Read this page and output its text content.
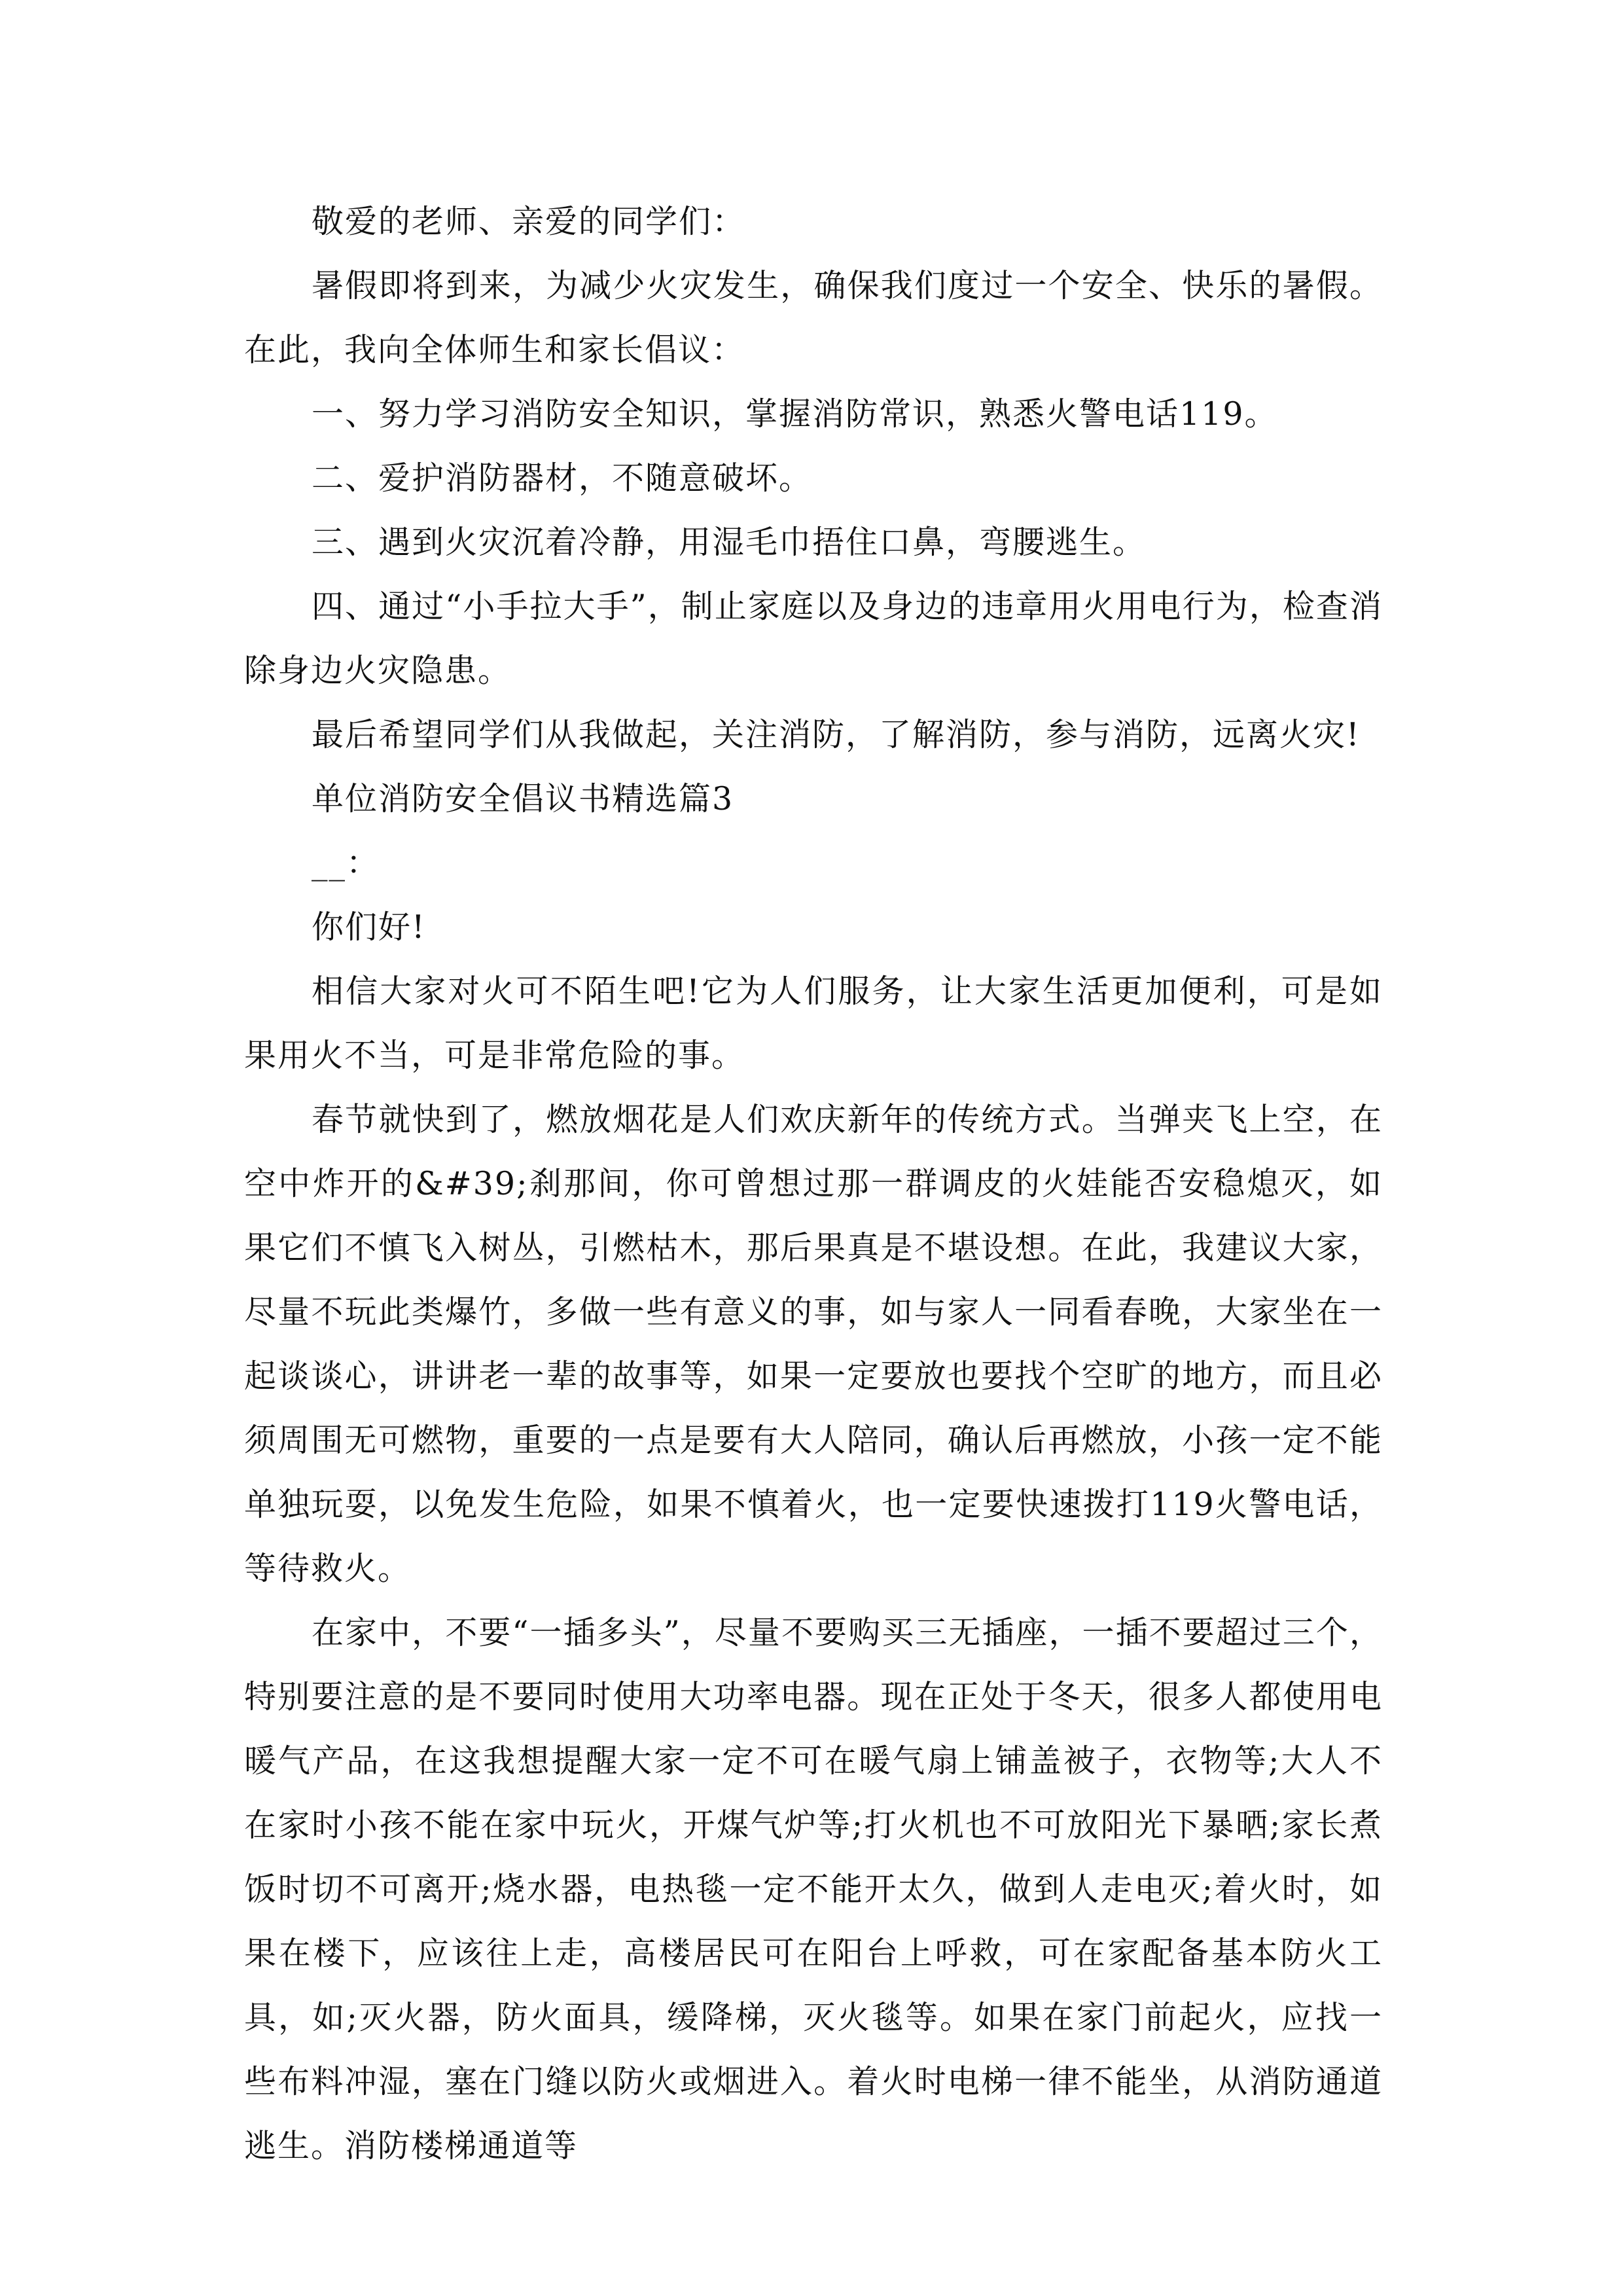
敬爱的老师、亲爱的同学们：

暑假即将到来，为减少火灾发生，确保我们度过一个安全、快乐的暑假。在此，我向全体师生和家长倡议：

一、努力学习消防安全知识，掌握消防常识，熟悉火警电话119。

二、爱护消防器材，不随意破坏。

三、遇到火灾沉着冷静，用湿毛巾捂住口鼻，弯腰逃生。

四、通过“小手拉大手”，制止家庭以及身边的违章用火用电行为，检查消除身边火灾隐患。

最后希望同学们从我做起，关注消防，了解消防，参与消防，远离火灾!

单位消防安全倡议书精选篇3

__：

你们好!

相信大家对火可不陌生吧!它为人们服务，让大家生活更加便利，可是如果用火不当，可是非常危险的事。

春节就快到了，燃放烟花是人们欢庆新年的传统方式。当弹夹飞上空，在空中炸开的&#39;刹那间，你可曾想过那一群调皮的火娃能否安稳熄灭，如果它们不慎飞入树丛，引燃枯木，那后果真是不堪设想。在此，我建议大家，尽量不玩此类爆竹，多做一些有意义的事，如与家人一同看春晚，大家坐在一起谈谈心，讲讲老一辈的故事等，如果一定要放也要找个空旷的地方，而且必须周围无可燃物，重要的一点是要有大人陪同，确认后再燃放，小孩一定不能单独玩耍，以免发生危险，如果不慎着火，也一定要快速拨打119火警电话，等待救火。

在家中，不要“一插多头”，尽量不要购买三无插座，一插不要超过三个，特别要注意的是不要同时使用大功率电器。现在正处于冬天，很多人都使用电暖气产品，在这我想提醒大家一定不可在暖气扇上铺盖被子，衣物等;大人不在家时小孩不能在家中玩火，开煤气炉等;打火机也不可放阳光下暴晒;家长煮饭时切不可离开;烧水器，电热毯一定不能开太久，做到人走电灭;着火时，如果在楼下，应该往上走，高楼居民可在阳台上呼救，可在家配备基本防火工具，如;灭火器，防火面具，缓降梯，灭火毯等。如果在家门前起火，应找一些布料冲湿，塞在门缝以防火或烟进入。着火时电梯一律不能坐，从消防通道逃生。消防楼梯通道等
